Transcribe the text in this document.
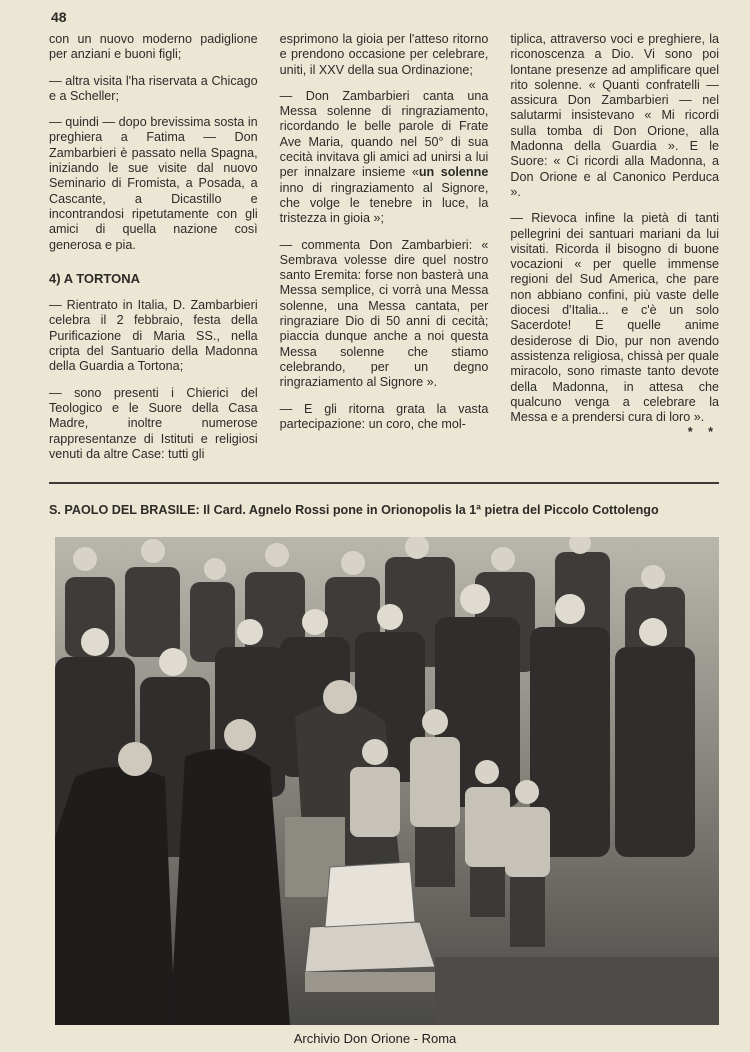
48

con un nuovo moderno padiglione per anziani e buoni figli;

— altra visita l'ha riservata a Chicago e a Scheller;

— quindi — dopo brevissima sosta in preghiera a Fatima — Don Zambarbieri è passato nella Spagna, iniziando le sue visite dal nuovo Seminario di Fromista, a Posada, a Cascante, a Dicastillo e incontrandosi ripetutamente con gli amici di quella nazione così generosa e pia.

4) A TORTONA

— Rientrato in Italia, D. Zambarbieri celebra il 2 febbraio, festa della Purificazione di Maria SS., nella cripta del Santuario della Madonna della Guardia a Tortona;

— sono presenti i Chierici del Teologico e le Suore della Casa Madre, inoltre numerose rappresentanze di Istituti e religiosi venuti da altre Case: tutti gli

esprimono la gioia per l'atteso ritorno e prendono occasione per celebrare, uniti, il XXV della sua Ordinazione;

— Don Zambarbieri canta una Messa solenne di ringraziamento, ricordando le belle parole di Frate Ave Maria, quando nel 50° di sua cecità invitava gli amici ad unirsi a lui per innalzare insieme «un solenne inno di ringraziamento al Signore, che volge le tenebre in luce, la tristezza in gioia »;

— commenta Don Zambarbieri: « Sembrava volesse dire quel nostro santo Eremita: forse non basterà una Messa semplice, ci vorrà una Messa solenne, una Messa cantata, per ringraziare Dio di 50 anni di cecità; piaccia dunque anche a noi questa Messa solenne che stiamo celebrando, per un degno ringraziamento al Signore ».

— E gli ritorna grata la vasta partecipazione: un coro, che mol-

tiplica, attraverso voci e preghiere, la riconoscenza a Dio. Vi sono poi lontane presenze ad amplificare quel rito solenne. « Quanti confratelli — assicura Don Zambarbieri — nel salutarmi insistevano « Mi ricordi sulla tomba di Don Orione, alla Madonna della Guardia ». E le Suore: « Ci ricordi alla Madonna, a Don Orione e al Canonico Perduca ».

— Rievoca infine la pietà di tanti pellegrini dei santuari mariani da lui visitati. Ricorda il bisogno di buone vocazioni « per quelle immense regioni del Sud America, che pare non abbiano confini, più vaste delle diocesi d'Italia... e c'è un solo Sacerdote! E quelle anime desiderose di Dio, pur non avendo assistenza religiosa, chissà per quale miracolo, sono rimaste tanto devote della Madonna, in attesa che qualcuno venga a celebrare la Messa e a prendersi cura di loro ».
* *

S. PAOLO DEL BRASILE: Il Card. Agnelo Rossi pone in Orionopolis la 1ª pietra del Piccolo Cottolengo
Archivio Don Orione - Roma
